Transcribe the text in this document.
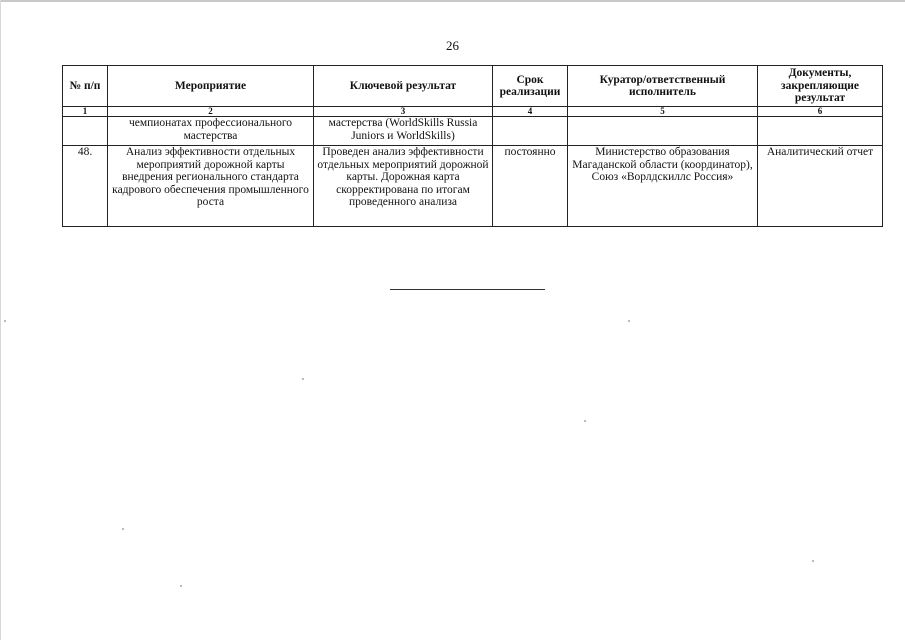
26
№ п/п	Мероприятие	Ключевой результат	Срок реализации	Куратор/ответственный исполнитель	Документы, закрепляющие результат
1	2	3	4	5	6
	чемпионатах профессионального мастерства	мастерства (WorldSkills Russia Juniors и WorldSkills)			
48.	Анализ эффективности отдельных мероприятий дорожной карты внедрения регионального стандарта кадрового обеспечения промышленного роста	Проведен анализ эффективности отдельных мероприятий дорожной карты. Дорожная карта скорректирована по итогам проведенного анализа	постоянно	Министерство образования Магаданской области (координатор), Союз «Ворлдскиллс Россия»	Аналитический отчет
